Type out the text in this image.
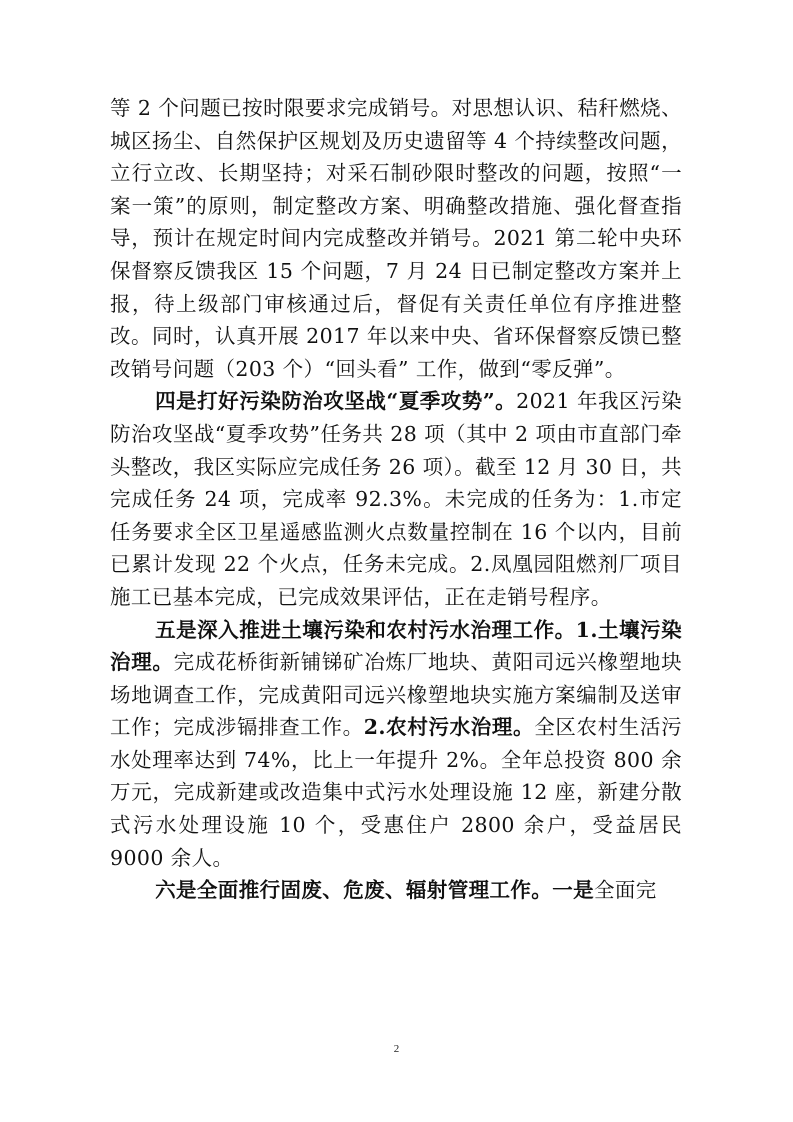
等 2 个问题已按时限要求完成销号。对思想认识、秸秆燃烧、城区扬尘、自然保护区规划及历史遗留等 4 个持续整改问题，立行立改、长期坚持；对采石制砂限时整改的问题，按照“一案一策”的原则，制定整改方案、明确整改措施、强化督查指导，预计在规定时间内完成整改并销号。2021 第二轮中央环保督察反馈我区 15 个问题，7 月 24 日已制定整改方案并上报，待上级部门审核通过后，督促有关责任单位有序推进整改。同时，认真开展 2017 年以来中央、省环保督察反馈已整改销号问题（203 个）“回头看” 工作，做到“零反弹”。

四是打好污染防治攻坚战“夏季攻势”。2021 年我区污染防治攻坚战“夏季攻势”任务共 28 项（其中 2 项由市直部门牵头整改，我区实际应完成任务 26 项）。截至 12 月 30 日，共完成任务 24 项，完成率 92.3%。未完成的任务为：1.市定任务要求全区卫星遥感监测火点数量控制在 16 个以内，目前已累计发现 22 个火点，任务未完成。2.凤凰园阻燃剂厂项目施工已基本完成，已完成效果评估，正在走销号程序。

五是深入推进土壤污染和农村污水治理工作。1.土壤污染治理。完成花桥街新铺锑矿冶炼厂地块、黄阳司远兴橡塑地块场地调查工作，完成黄阳司远兴橡塑地块实施方案编制及送审工作；完成涉镉排查工作。2.农村污水治理。全区农村生活污水处理率达到 74%，比上一年提升 2%。全年总投资 800 余万元，完成新建或改造集中式污水处理设施 12 座，新建分散式污水处理设施 10 个，受惠住户 2800 余户，受益居民 9000 余人。

六是全面推行固废、危废、辐射管理工作。一是全面完

2
